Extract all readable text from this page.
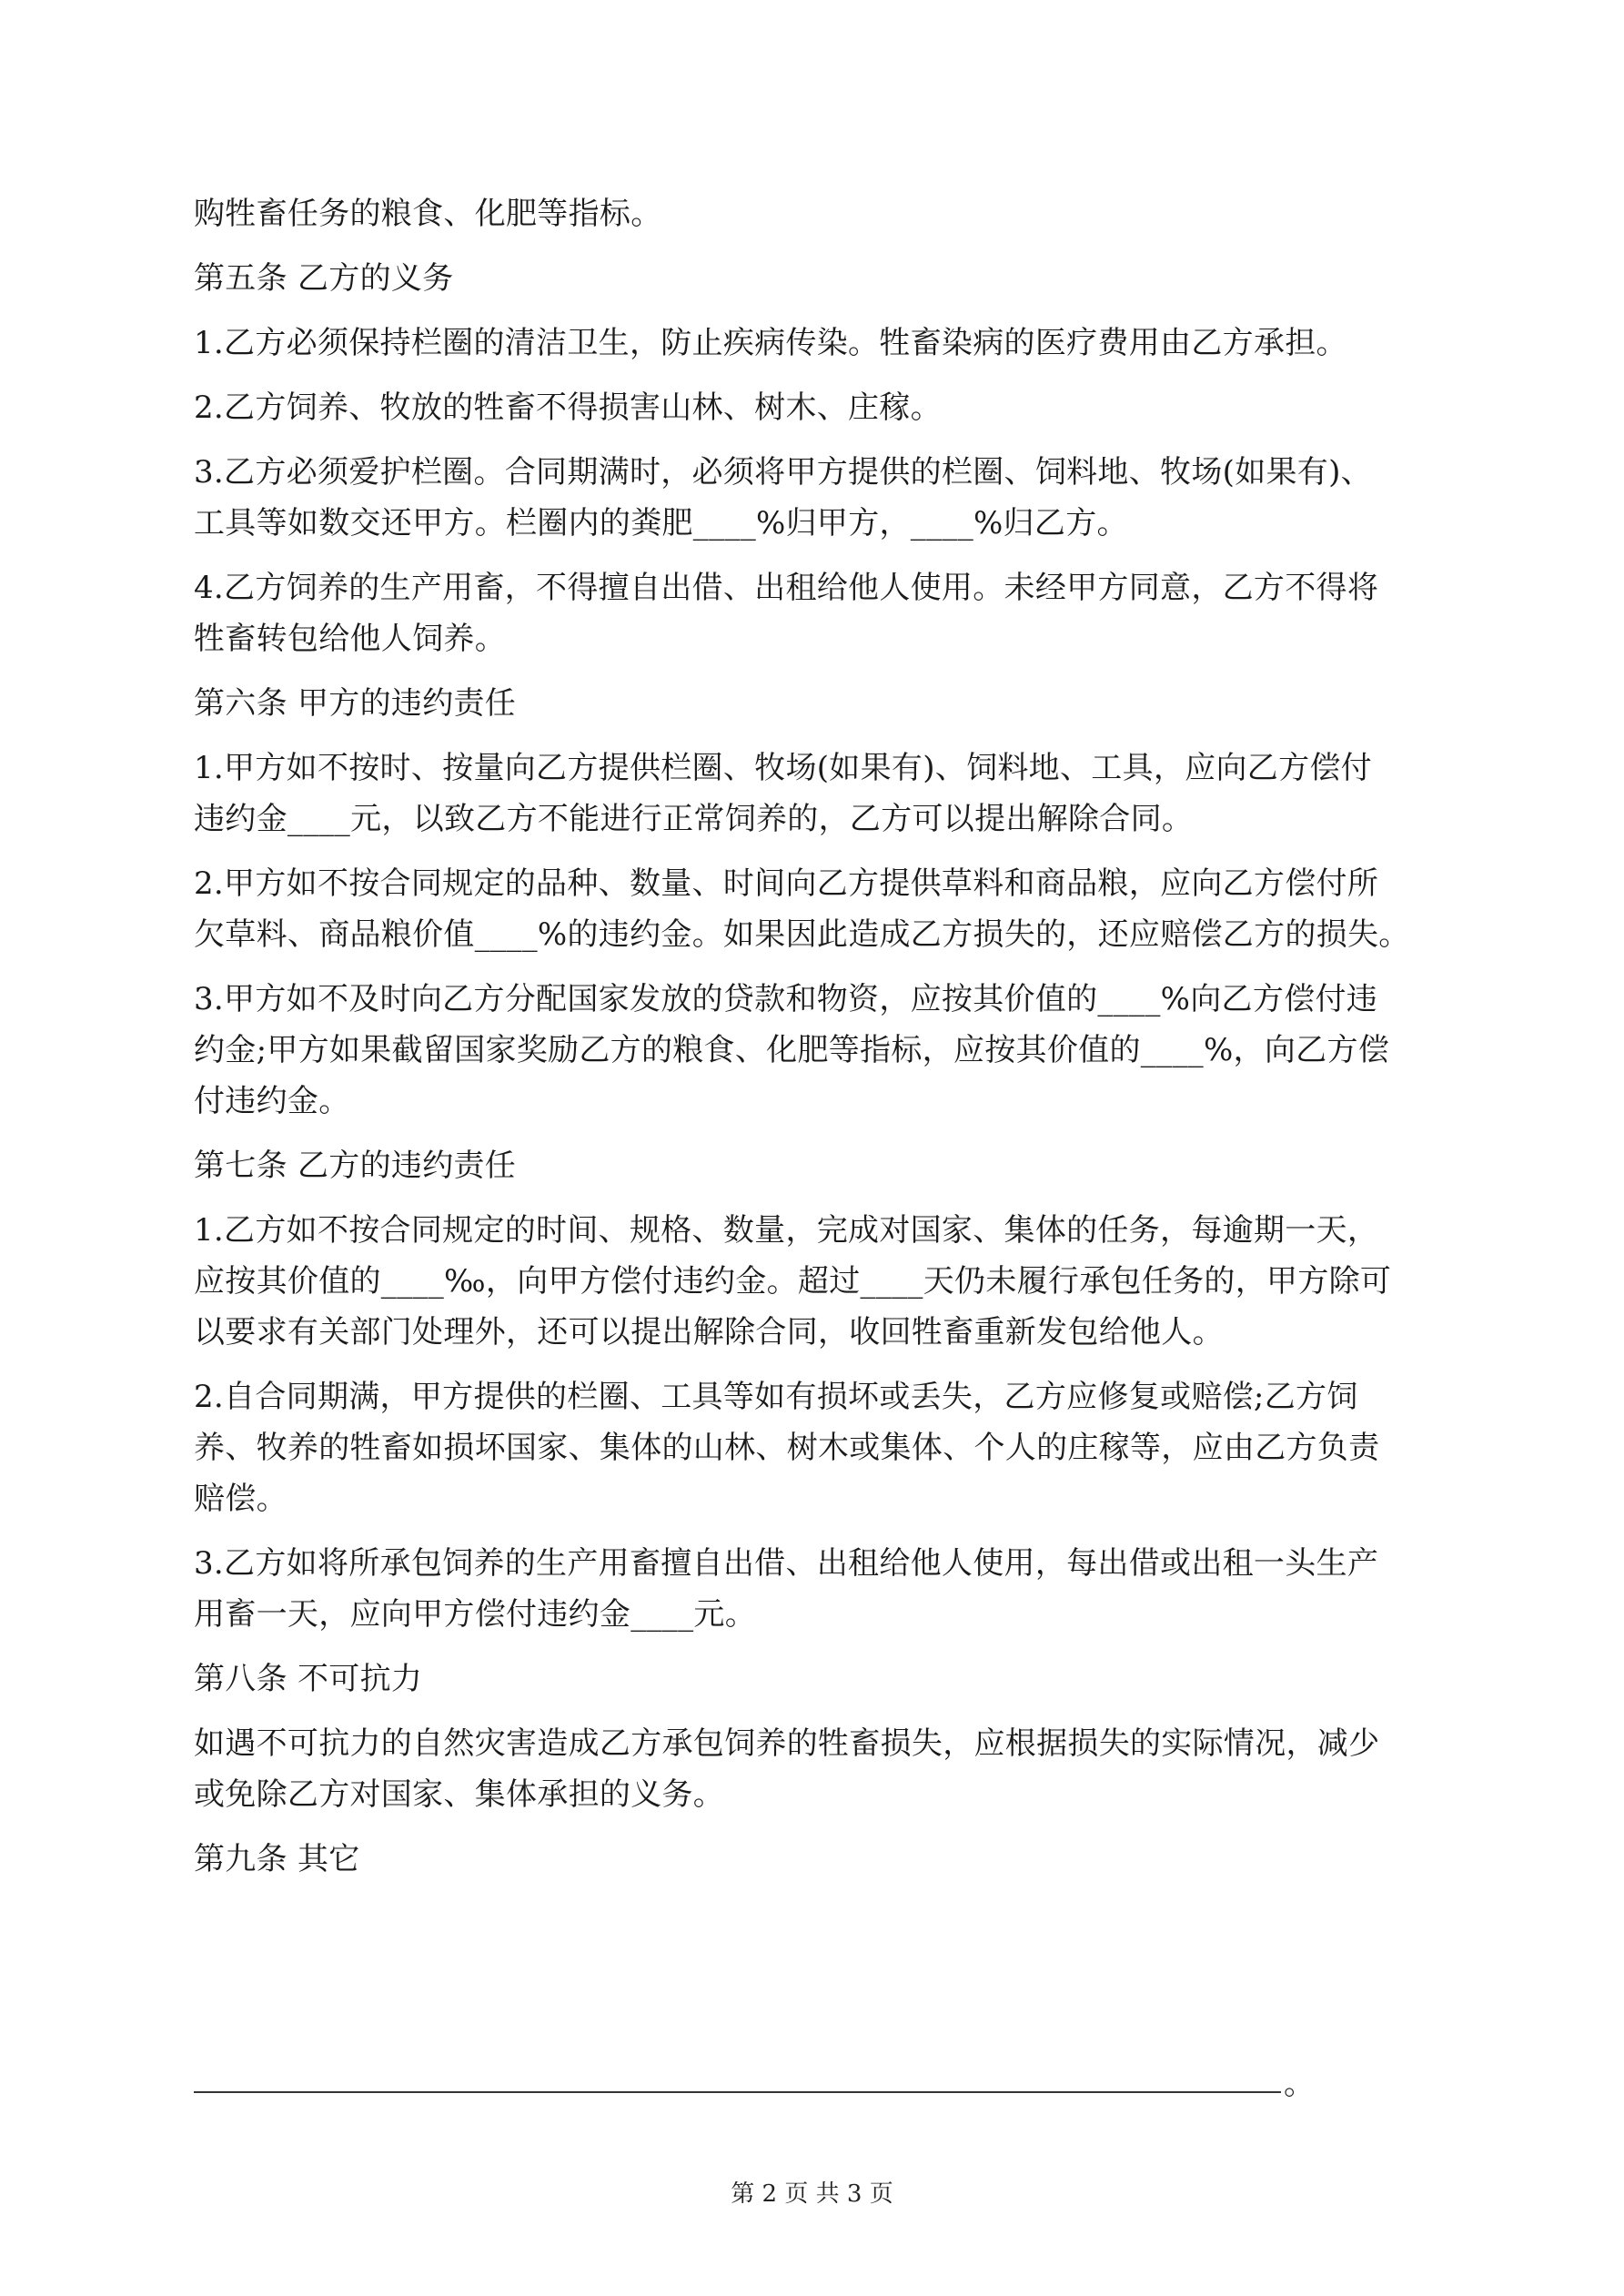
购牲畜任务的粮食、化肥等指标。
第五条 乙方的义务
1.乙方必须保持栏圈的清洁卫生，防止疾病传染。牲畜染病的医疗费用由乙方承担。
2.乙方饲养、牧放的牲畜不得损害山林、树木、庄稼。
3.乙方必须爱护栏圈。合同期满时，必须将甲方提供的栏圈、饲料地、牧场(如果有)、
工具等如数交还甲方。栏圈内的粪肥____%归甲方，____%归乙方。
4.乙方饲养的生产用畜，不得擅自出借、出租给他人使用。未经甲方同意，乙方不得将
牲畜转包给他人饲养。
第六条 甲方的违约责任
1.甲方如不按时、按量向乙方提供栏圈、牧场(如果有)、饲料地、工具，应向乙方偿付
违约金____元，以致乙方不能进行正常饲养的，乙方可以提出解除合同。
2.甲方如不按合同规定的品种、数量、时间向乙方提供草料和商品粮，应向乙方偿付所
欠草料、商品粮价值____%的违约金。如果因此造成乙方损失的，还应赔偿乙方的损失。
3.甲方如不及时向乙方分配国家发放的贷款和物资，应按其价值的____%向乙方偿付违
约金;甲方如果截留国家奖励乙方的粮食、化肥等指标，应按其价值的____%，向乙方偿
付违约金。
第七条 乙方的违约责任
1.乙方如不按合同规定的时间、规格、数量，完成对国家、集体的任务，每逾期一天，
应按其价值的____‰，向甲方偿付违约金。超过____天仍未履行承包任务的，甲方除可
以要求有关部门处理外，还可以提出解除合同，收回牲畜重新发包给他人。
2.自合同期满，甲方提供的栏圈、工具等如有损坏或丢失，乙方应修复或赔偿;乙方饲
养、牧养的牲畜如损坏国家、集体的山林、树木或集体、个人的庄稼等，应由乙方负责
赔偿。
3.乙方如将所承包饲养的生产用畜擅自出借、出租给他人使用，每出借或出租一头生产
用畜一天，应向甲方偿付违约金____元。
第八条 不可抗力
如遇不可抗力的自然灾害造成乙方承包饲养的牲畜损失，应根据损失的实际情况，减少
或免除乙方对国家、集体承担的义务。
第九条 其它
。
第 2 页 共 3 页
